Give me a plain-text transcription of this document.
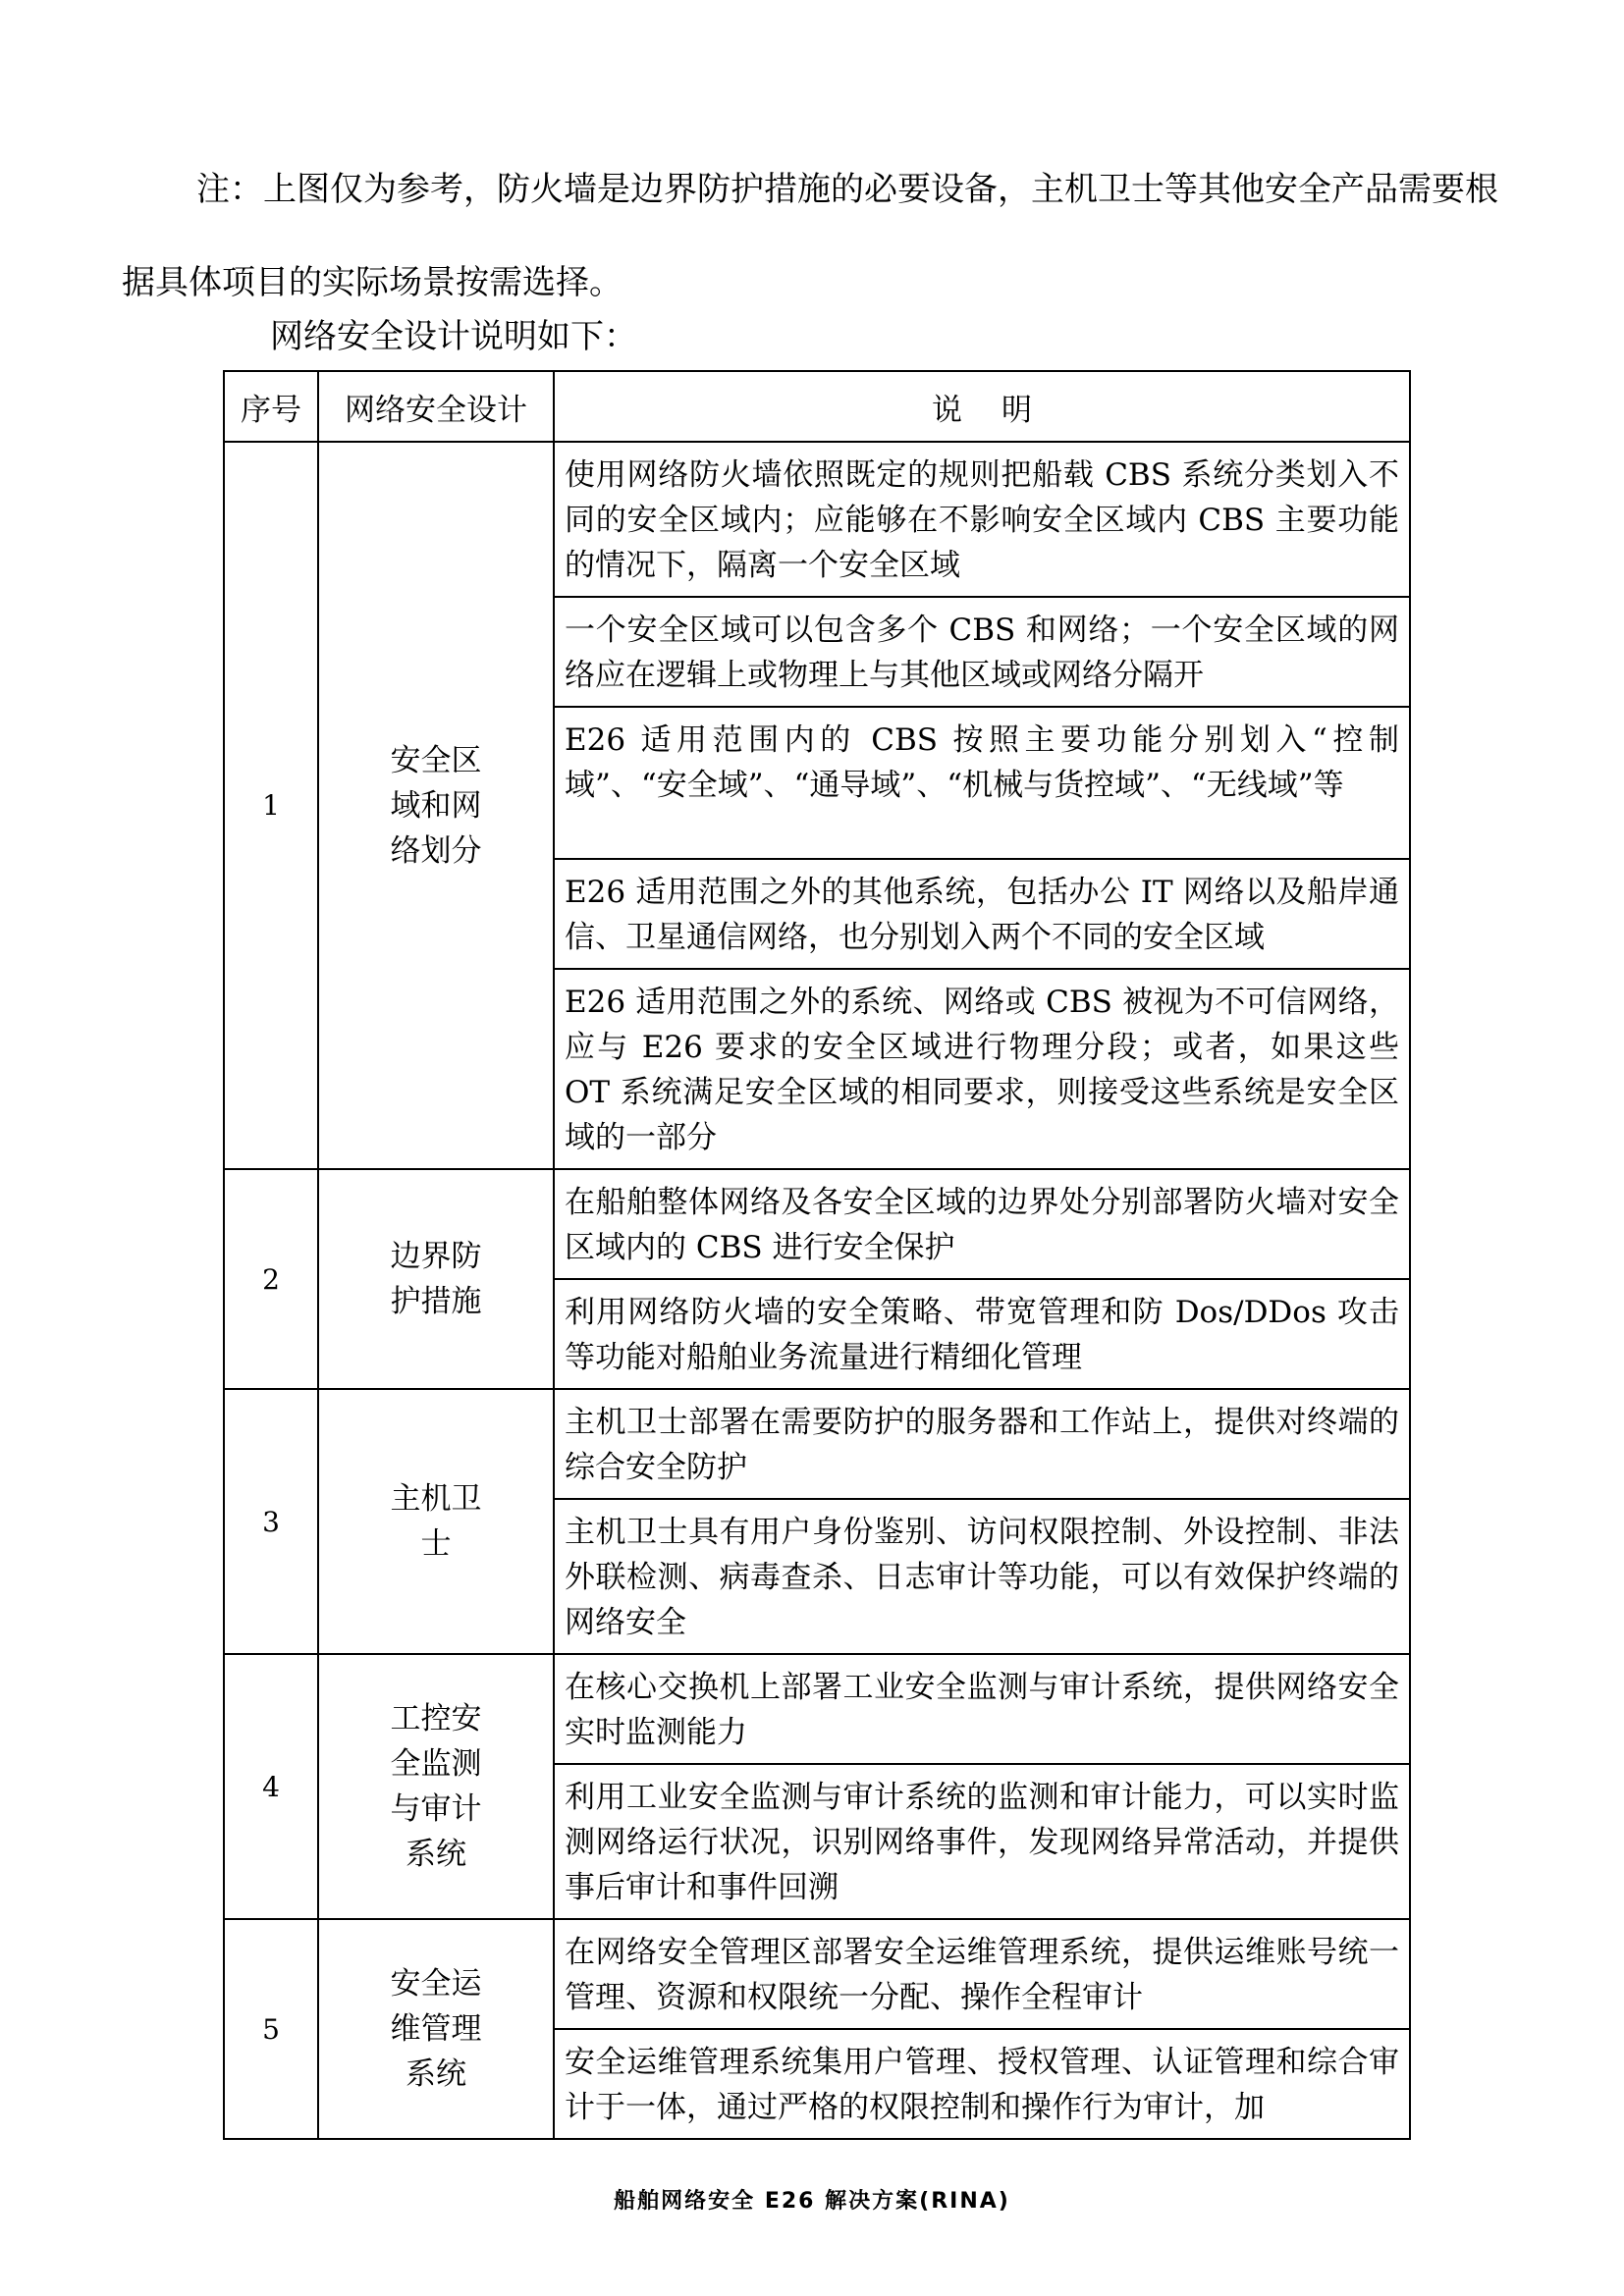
注：上图仅为参考，防火墙是边界防护措施的必要设备，主机卫士等其他安全产品需要根据具体项目的实际场景按需选择。

网络安全设计说明如下：

序号	网络安全设计	说明
1	安全区域和网络划分	使用网络防火墙依照既定的规则把船载 CBS 系统分类划入不同的安全区域内；应能够在不影响安全区域内 CBS 主要功能的情况下，隔离一个安全区域
		一个安全区域可以包含多个 CBS 和网络；一个安全区域的网络应在逻辑上或物理上与其他区域或网络分隔开
		E26 适用范围内的 CBS 按照主要功能分别划入“控制域”、“安全域”、“通导域”、“机械与货控域”、“无线域”等
		E26 适用范围之外的其他系统，包括办公 IT 网络以及船岸通信、卫星通信网络，也分别划入两个不同的安全区域
		E26 适用范围之外的系统、网络或 CBS 被视为不可信网络，应与 E26 要求的安全区域进行物理分段；或者，如果这些 OT 系统满足安全区域的相同要求，则接受这些系统是安全区域的一部分
2	边界防护措施	在船舶整体网络及各安全区域的边界处分别部署防火墙对安全区域内的 CBS 进行安全保护
		利用网络防火墙的安全策略、带宽管理和防 Dos/DDos 攻击等功能对船舶业务流量进行精细化管理
3	主机卫士	主机卫士部署在需要防护的服务器和工作站上，提供对终端的综合安全防护
		主机卫士具有用户身份鉴别、访问权限控制、外设控制、非法外联检测、病毒查杀、日志审计等功能，可以有效保护终端的网络安全
4	工控安全监测与审计系统	在核心交换机上部署工业安全监测与审计系统，提供网络安全实时监测能力
		利用工业安全监测与审计系统的监测和审计能力，可以实时监测网络运行状况，识别网络事件，发现网络异常活动，并提供事后审计和事件回溯
5	安全运维管理系统	在网络安全管理区部署安全运维管理系统，提供运维账号统一管理、资源和权限统一分配、操作全程审计
		安全运维管理系统集用户管理、授权管理、认证管理和综合审计于一体，通过严格的权限控制和操作行为审计，加
船舶网络安全 E26 解决方案(RINA)
